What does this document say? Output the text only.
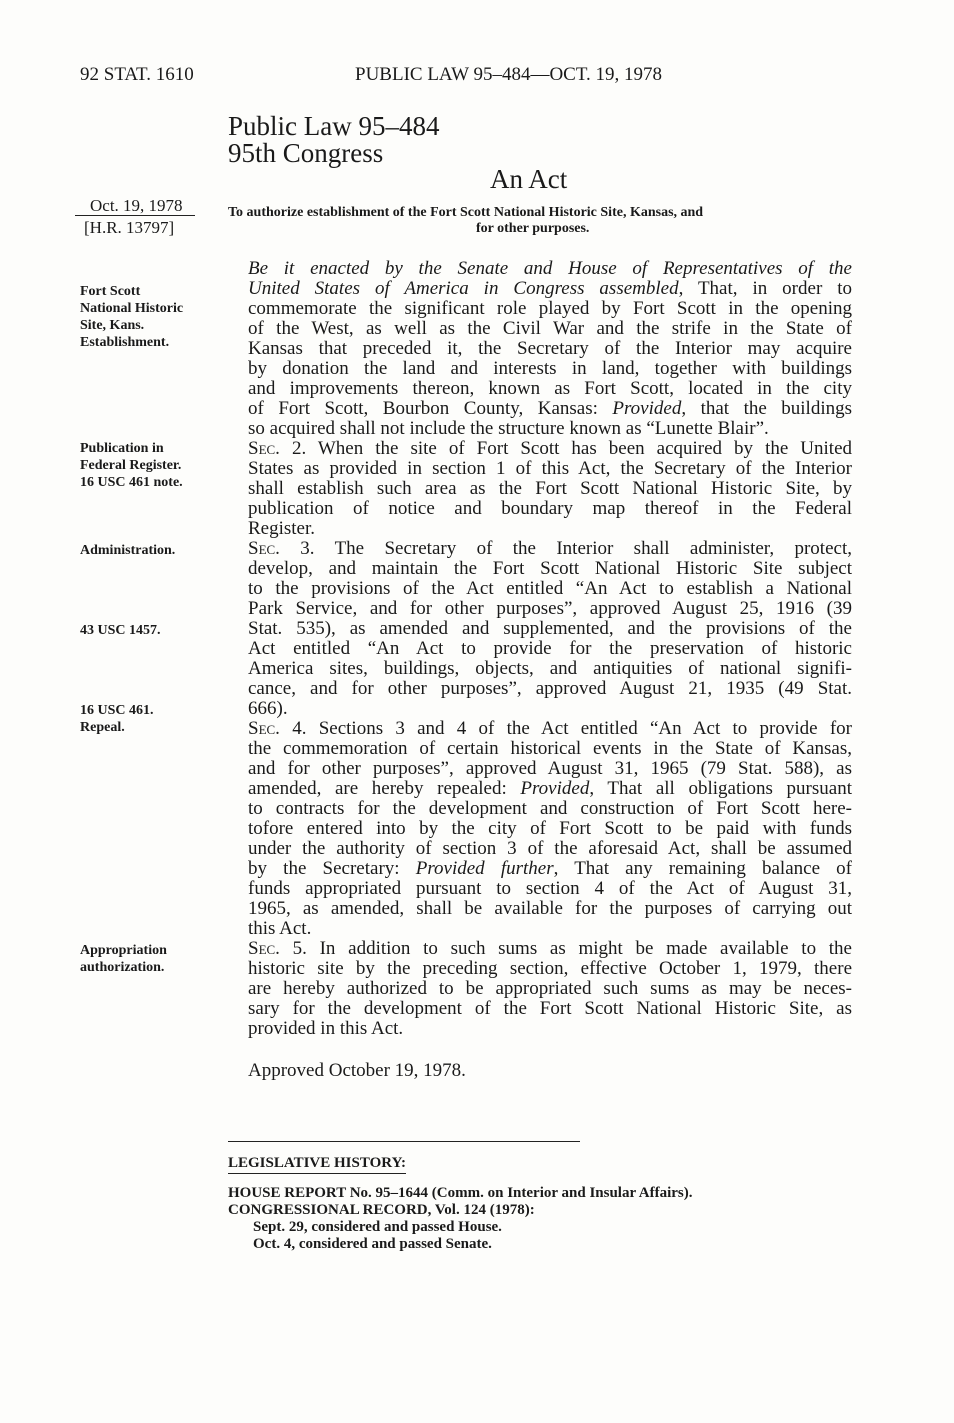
92 STAT. 1610	PUBLIC LAW 95–484—OCT. 19, 1978
Public Law 95–484
95th Congress
An Act
Oct. 19, 1978
[H.R. 13797]
To authorize establishment of the Fort Scott National Historic Site, Kansas, and
for other purposes.
Fort Scott
National Historic
Site, Kans.
Establishment.
Publication in
Federal Register.
16 USC 461 note.
Administration.
43 USC 1457.
16 USC 461.
Repeal.
Appropriation
authorization.
Be it enacted by the Senate and House of Representatives of the
United States of America in Congress assembled, That, in order to
commemorate the significant role played by Fort Scott in the opening
of the West, as well as the Civil War and the strife in the State of
Kansas that preceded it, the Secretary of the Interior may acquire
by donation the land and interests in land, together with buildings
and improvements thereon, known as Fort Scott, located in the city
of Fort Scott, Bourbon County, Kansas: Provided, that the buildings
so acquired shall not include the structure known as “Lunette Blair”.
Sec. 2. When the site of Fort Scott has been acquired by the United
States as provided in section 1 of this Act, the Secretary of the Interior
shall establish such area as the Fort Scott National Historic Site, by
publication of notice and boundary map thereof in the Federal
Register.
Sec. 3. The Secretary of the Interior shall administer, protect,
develop, and maintain the Fort Scott National Historic Site subject
to the provisions of the Act entitled “An Act to establish a National
Park Service, and for other purposes”, approved August 25, 1916 (39
Stat. 535), as amended and supplemented, and the provisions of the
Act entitled “An Act to provide for the preservation of historic
America sites, buildings, objects, and antiquities of national signifi-
cance, and for other purposes”, approved August 21, 1935 (49 Stat.
666).
Sec. 4. Sections 3 and 4 of the Act entitled “An Act to provide for
the commemoration of certain historical events in the State of Kansas,
and for other purposes”, approved August 31, 1965 (79 Stat. 588), as
amended, are hereby repealed: Provided, That all obligations pursuant
to contracts for the development and construction of Fort Scott here-
tofore entered into by the city of Fort Scott to be paid with funds
under the authority of section 3 of the aforesaid Act, shall be assumed
by the Secretary: Provided further, That any remaining balance of
funds appropriated pursuant to section 4 of the Act of August 31,
1965, as amended, shall be available for the purposes of carrying out
this Act.
Sec. 5. In addition to such sums as might be made available to the
historic site by the preceding section, effective October 1, 1979, there
are hereby authorized to be appropriated such sums as may be neces-
sary for the development of the Fort Scott National Historic Site, as
provided in this Act.
Approved October 19, 1978.
LEGISLATIVE HISTORY:
HOUSE REPORT No. 95–1644 (Comm. on Interior and Insular Affairs).
CONGRESSIONAL RECORD, Vol. 124 (1978):
Sept. 29, considered and passed House.
Oct. 4, considered and passed Senate.
